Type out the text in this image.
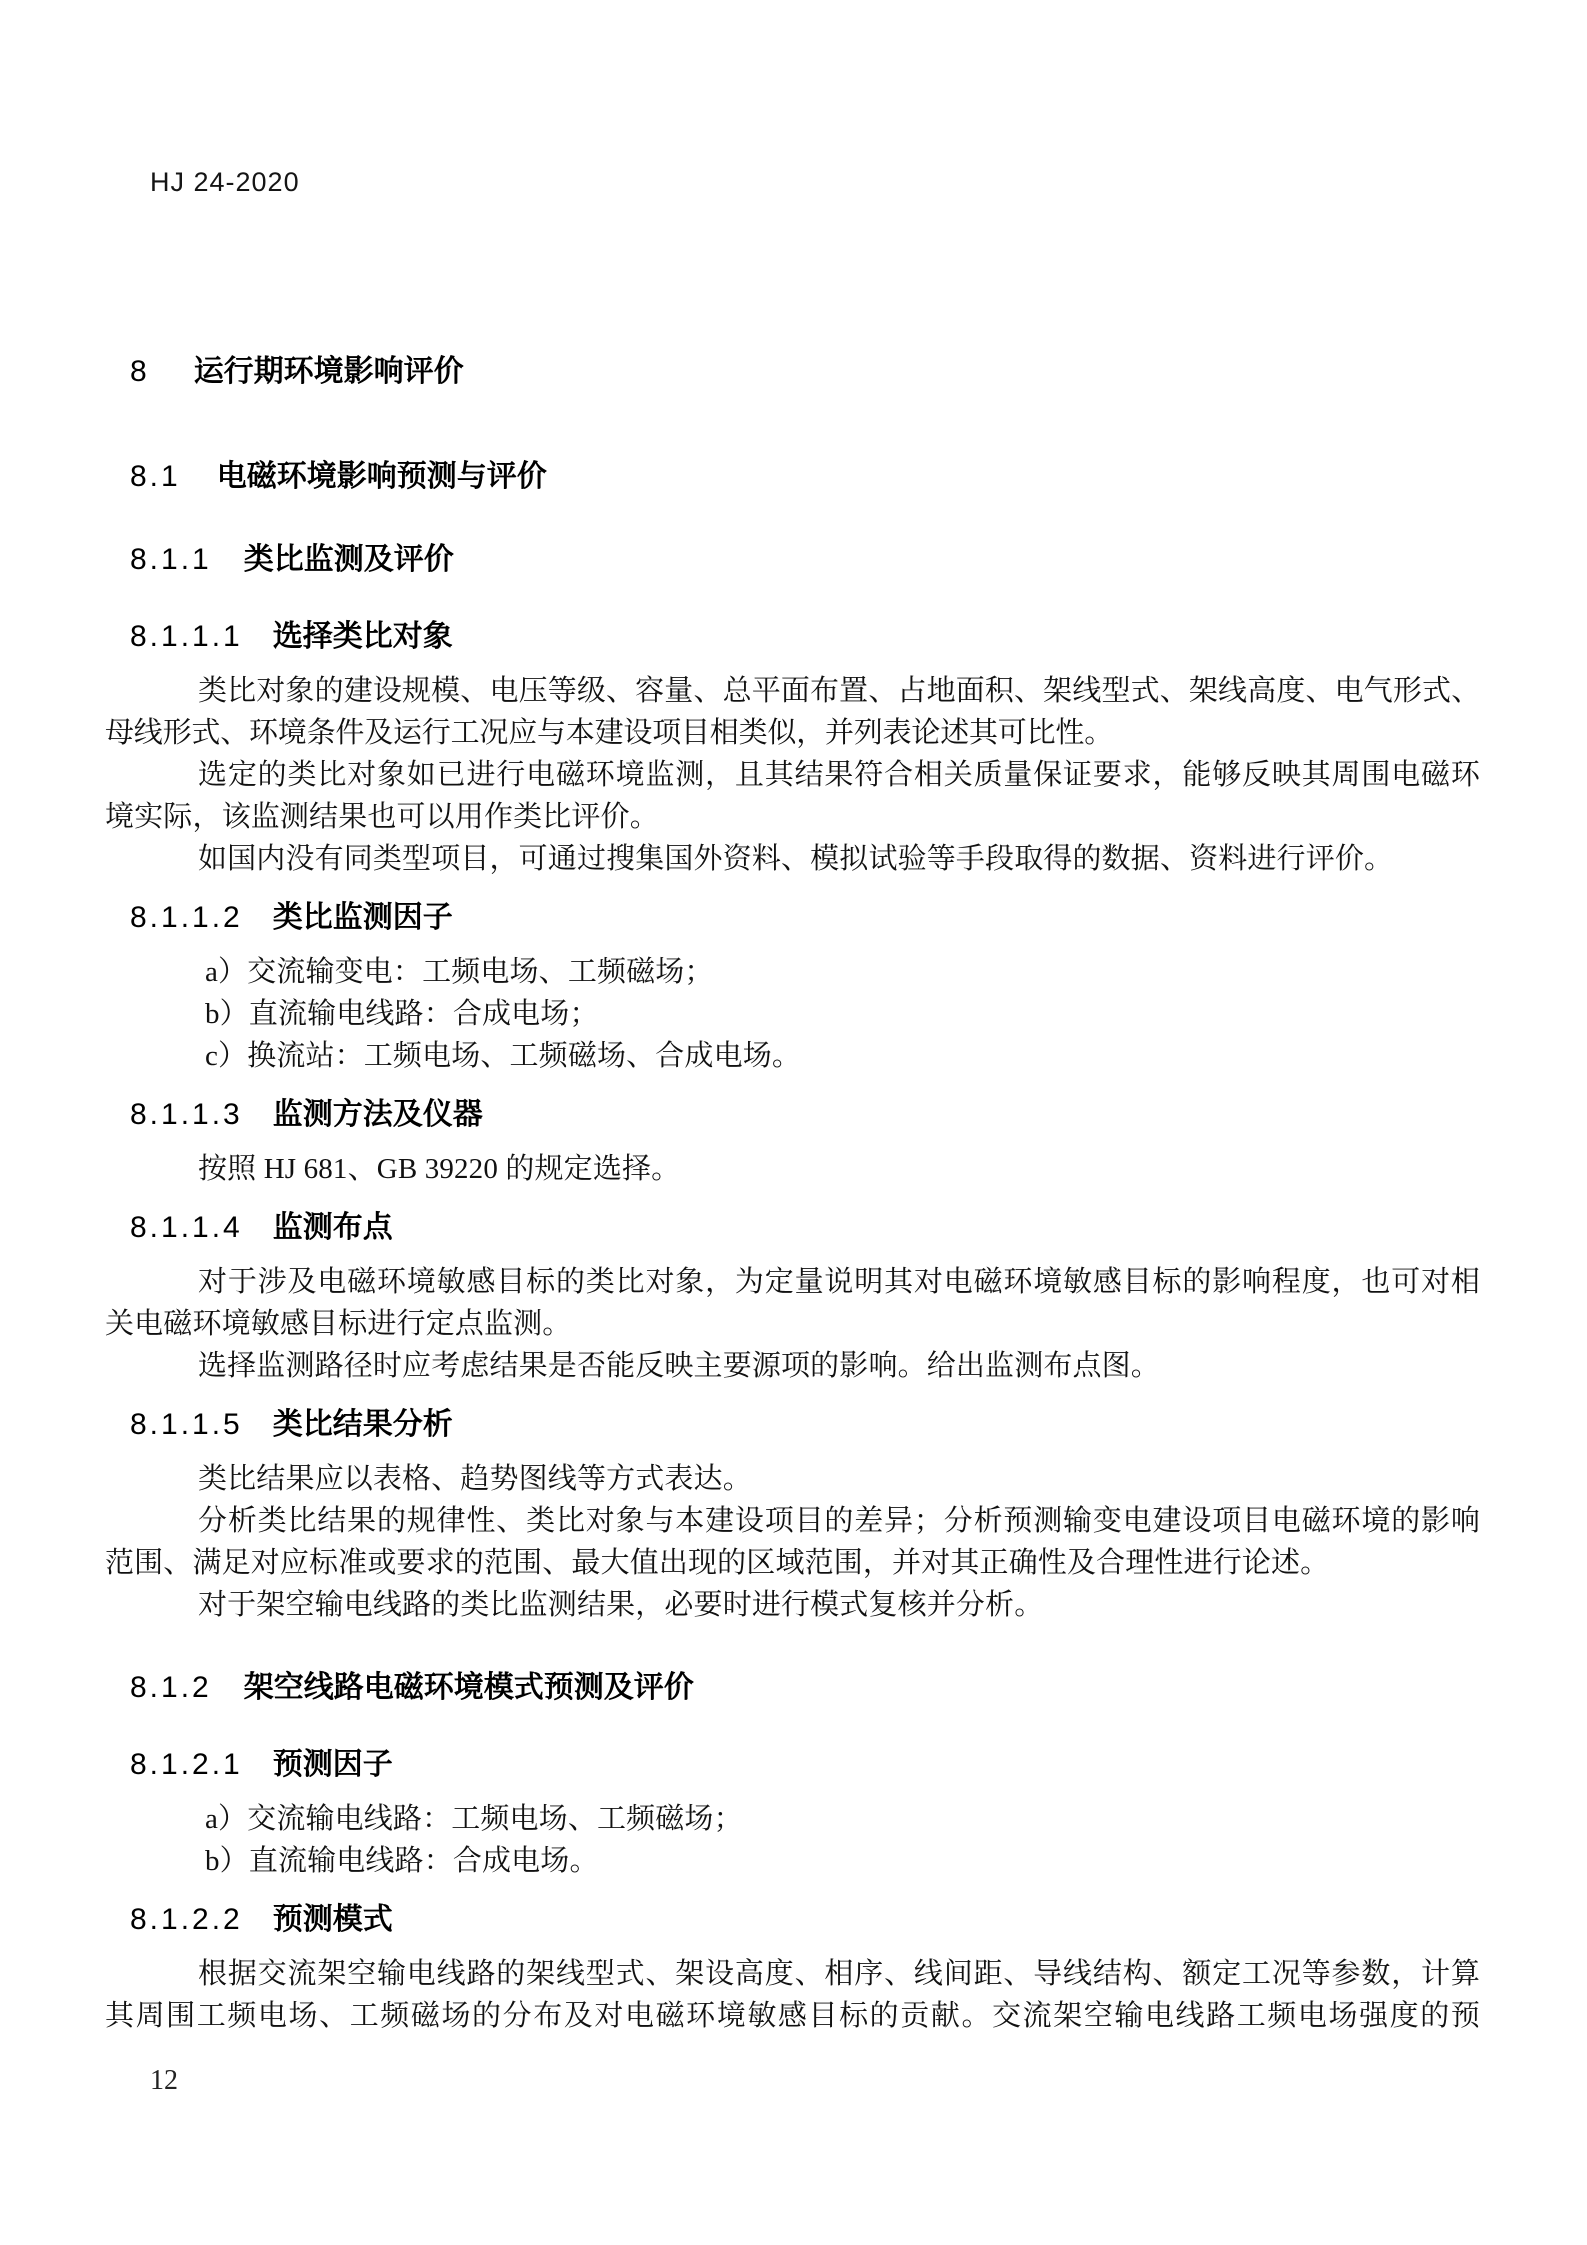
HJ 24-2020
8 运行期环境影响评价
8.1 电磁环境影响预测与评价
8.1.1 类比监测及评价
8.1.1.1 选择类比对象

类比对象的建设规模、电压等级、容量、总平面布置、占地面积、架线型式、架线高度、电气形式、母线形式、环境条件及运行工况应与本建设项目相类似，并列表论述其可比性。

选定的类比对象如已进行电磁环境监测，且其结果符合相关质量保证要求，能够反映其周围电磁环境实际，该监测结果也可以用作类比评价。

如国内没有同类型项目，可通过搜集国外资料、模拟试验等手段取得的数据、资料进行评价。

8.1.1.2 类比监测因子
a）交流输变电：工频电场、工频磁场；
b）直流输电线路：合成电场；
c）换流站：工频电场、工频磁场、合成电场。
8.1.1.3 监测方法及仪器

按照 HJ 681、GB 39220 的规定选择。

8.1.1.4 监测布点

对于涉及电磁环境敏感目标的类比对象，为定量说明其对电磁环境敏感目标的影响程度，也可对相关电磁环境敏感目标进行定点监测。

选择监测路径时应考虑结果是否能反映主要源项的影响。给出监测布点图。

8.1.1.5 类比结果分析

类比结果应以表格、趋势图线等方式表达。

分析类比结果的规律性、类比对象与本建设项目的差异；分析预测输变电建设项目电磁环境的影响范围、满足对应标准或要求的范围、最大值出现的区域范围，并对其正确性及合理性进行论述。

对于架空输电线路的类比监测结果，必要时进行模式复核并分析。

8.1.2 架空线路电磁环境模式预测及评价
8.1.2.1 预测因子
a）交流输电线路：工频电场、工频磁场；
b）直流输电线路：合成电场。
8.1.2.2 预测模式

根据交流架空输电线路的架线型式、架设高度、相序、线间距、导线结构、额定工况等参数，计算其周围工频电场、工频磁场的分布及对电磁环境敏感目标的贡献。交流架空输电线路工频电场强度的预

12
